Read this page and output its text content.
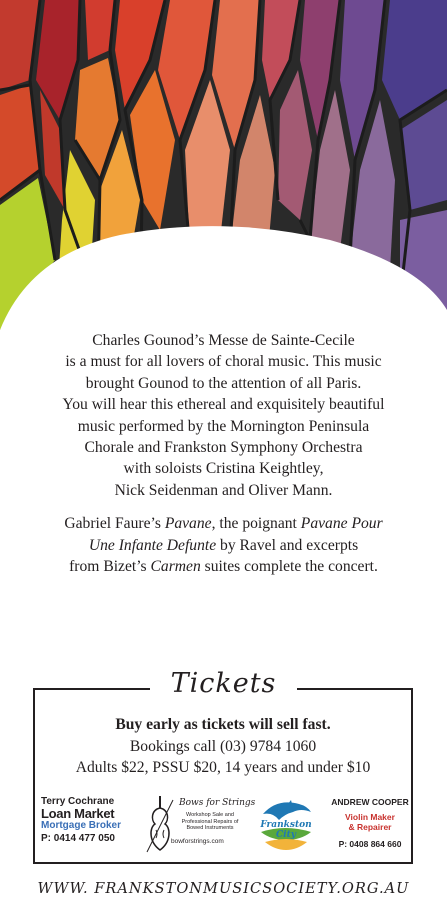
Charles Gounod’s Messe de Sainte-Cecile
is a must for all lovers of choral music. This music
brought Gounod to the attention of all Paris.
You will hear this ethereal and exquisitely beautiful
music performed by the Mornington Peninsula
Chorale and Frankston Symphony Orchestra
with soloists Cristina Keightley,
Nick Seidenman and Oliver Mann.

Gabriel Faure’s Pavane, the poignant Pavane Pour
Une Infante Defunte by Ravel and excerpts
from Bizet’s Carmen suites complete the concert.

Tickets
Buy early as tickets will sell fast.
Bookings call (03) 9784 1060
Adults $22, PSSU $20, 14 years and under $10
Terry Cochrane
Loan Market
Mortgage Broker
P: 0414 477 050
Bows for Strings
Workshop Sale and Professional Repairs of Bowed Instruments
bowforstrings.com
Frankston City
ANDREW COOPER
Violin Maker
& Repairer
P: 0408 864 660
WWW. FRANKSTONMUSICSOCIETY.ORG.AU
